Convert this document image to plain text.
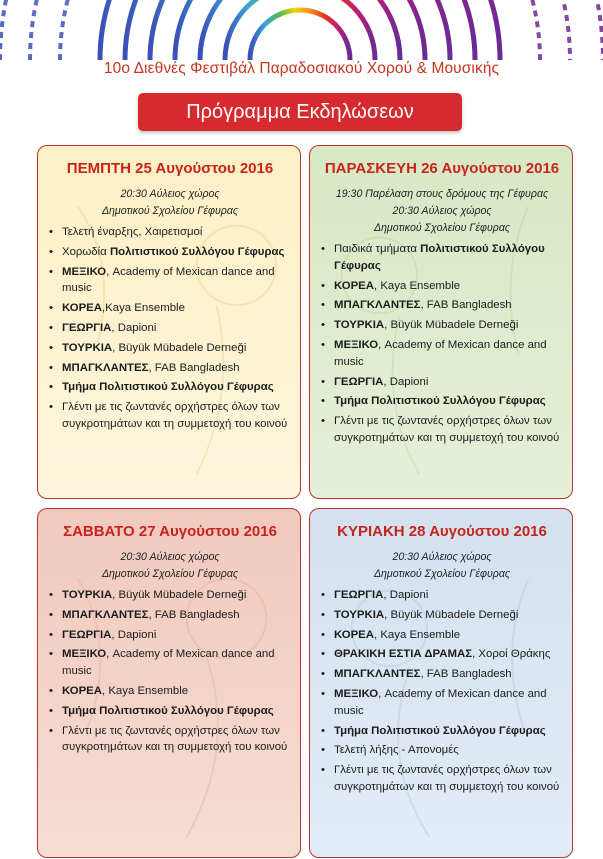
10ο Διεθνές Φεστιβάλ Παραδοσιακού Χορού & Μουσικής
Πρόγραμμα Εκδηλώσεων
ΠΕΜΠΤΗ 25 Αυγούστου 2016
20:30 Αύλειος χώρος
Δημοτικού Σχολείου Γέφυρας
• Τελετή έναρξης, Χαιρετισμοί
• Χορωδία Πολιτιστικού Συλλόγου Γέφυρας
• ΜΕΞΙΚΟ, Academy of Mexican dance and music
• ΚΟΡΕΑ,Kaya Ensemble
• ΓΕΩΡΓΙΑ, Dapioni
• ΤΟΥΡΚΙΑ, Büyük Mübadele Derneği
• ΜΠΑΓΚΛΑΝΤΕΣ, FAB Bangladesh
• Τμήμα Πολιτιστικού Συλλόγου Γέφυρας
• Γλέντι με τις ζωντανές ορχήστρες όλων των συγκροτημάτων και τη συμμετοχή του κοινού
ΠΑΡΑΣΚΕΥΗ 26 Αυγούστου 2016
19:30 Παρέλαση στους δρόμους της Γέφυρας
20:30 Αύλειος χώρος
Δημοτικού Σχολείου Γέφυρας
• Παιδικά τμήματα Πολιτιστικού Συλλόγου Γέφυρας
• ΚΟΡΕΑ, Kaya Ensemble
• ΜΠΑΓΚΛΑΝΤΕΣ, FAB Bangladesh
• ΤΟΥΡΚΙΑ, Büyük Mübadele Derneği
• ΜΕΞΙΚΟ, Academy of Mexican dance and music
• ΓΕΩΡΓΙΑ, Dapioni
• Τμήμα Πολιτιστικού Συλλόγου Γέφυρας
• Γλέντι με τις ζωντανές ορχήστρες όλων των συγκροτημάτων και τη συμμετοχή του κοινού
ΣΑΒΒΑΤΟ 27 Αυγούστου 2016
20:30 Αύλειος χώρος
Δημοτικού Σχολείου Γέφυρας
• ΤΟΥΡΚΙΑ, Büyük Mübadele Derneği
• ΜΠΑΓΚΛΑΝΤΕΣ, FAB Bangladesh
• ΓΕΩΡΓΙΑ, Dapioni
• ΜΕΞΙΚΟ, Academy of Mexican dance and music
• ΚΟΡΕΑ, Kaya Ensemble
• Τμήμα Πολιτιστικού Συλλόγου Γέφυρας
• Γλέντι με τις ζωντανές ορχήστρες όλων των συγκροτημάτων και τη συμμετοχή του κοινού
ΚΥΡΙΑΚΗ 28 Αυγούστου 2016
20:30 Αύλειος χώρος
Δημοτικού Σχολείου Γέφυρας
• ΓΕΩΡΓΙΑ, Dapioni
• ΤΟΥΡΚΙΑ, Büyük Mübadele Derneği
• ΚΟΡΕΑ, Kaya Ensemble
• ΘΡΑΚΙΚΗ ΕΣΤΙΑ ΔΡΑΜΑΣ, Χοροί Θράκης
• ΜΠΑΓΚΛΑΝΤΕΣ, FAB Bangladesh
• ΜΕΞΙΚΟ, Academy of Mexican dance and music
• Τμήμα Πολιτιστικού Συλλόγου Γέφυρας
• Τελετή λήξης - Απονομές
• Γλέντι με τις ζωντανές ορχήστρες όλων των συγκροτημάτων και τη συμμετοχή του κοινού
